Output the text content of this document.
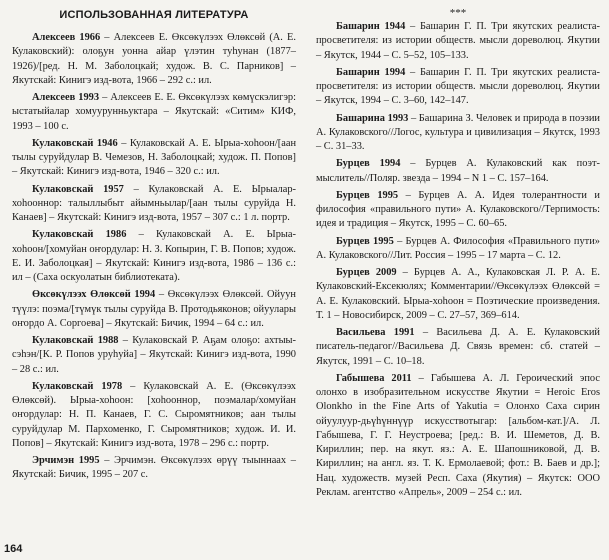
ИСПОЛЬЗОВАННАЯ ЛИТЕРАТУРА

Алексеев 1966 – Алексеев Е. Өксөкүлээх Өлөксөй (А. Е. Кулаковский): олоҕун уонна айар үлэтин туһунан (1877–1926)/[ред. Н. М. Заболоцкай; худож. В. С. Парников] – Якутскай: Кинигэ изд-вота, 1966 – 292 с.: ил.

Алексеев 1993 – Алексеев Е. Е. Өксөкүлээх көмүскэлигэр: ыстатыйалар хомуурунньуктара – Якутскай: «Ситим» КИФ, 1993 – 100 с.

Кулаковскай 1946 – Кулаковскай А. Е. Ырыа-хоһоон/[аан тылы суруйдулар В. Чемезов, Н. Заболоцкай; худож. П. Попов] – Якутскай: Кинигэ изд-вота, 1946 – 320 с.: ил.

Кулаковскай 1957 – Кулаковскай А. Е. Ырыалар-хоһооннор: талыллыбыт айымньылар/[аан тылы суруйда Н. Канаев] – Якутскай: Кинигэ изд-вота, 1957 – 307 с.: 1 л. портр.

Кулаковскай 1986 – Кулаковскай А. Е. Ырыа-хоһоон/[хомуйан оҥордулар: Н. З. Копырин, Г. В. Попов; худож. Е. И. Заболоцкая] – Якутскай: Кинигэ изд-вота, 1986 – 136 с.: ил – (Саха оскуолатын библиотеката).

Өксөкүлээх Өлөксөй 1994 – Өксөкүлээх Өлөксөй. Ойуун түүлэ: поэма/[түмүк тылы суруйда В. Протодьяконов; ойуулары оҥордо А. Соргоева] – Якутскай: Бичик, 1994 – 64 с.: ил.

Кулаковскай 1988 – Кулаковскай Р. Аҕам олоҕо: ахтыы-сэһэн/[К. Р. Попов уруһуйа] – Якутскай: Кинигэ изд-вота, 1990 – 28 с.: ил.

Кулаковскай 1978 – Кулаковскай А. Е. (Өксөкүлээх Өлөксөй). Ырыа-хоһоон: [хоһооннор, поэмалар/хомуйан оҥордулар: Н. П. Канаев, Г. С. Сыромятников; аан тылы суруйдулар М. Пархоменко, Г. Сыромятников; худож. И. И. Попов] – Якутскай: Кинигэ изд-вота, 1978 – 296 с.: портр.

Эрчимэн 1995 – Эрчимэн. Өксөкүлээх өрүү тыыннаах – Якутскай: Бичик, 1995 – 207 с.

***

Башарин 1944 – Башарин Г. П. Три якутских реалиста-просветителя: из истории обществ. мысли дореволюц. Якутии – Якутск, 1944 – С. 5–52, 105–133.

Башарин 1994 – Башарин Г. П. Три якутских реалиста-просветителя: из истории обществ. мысли дореволюц. Якутии – Якутск, 1994 – С. 3–60, 142–147.

Башарина 1993 – Башарина З. Человек и природа в поэзии А. Кулаковского//Логос, культура и цивилизация – Якутск, 1993 – С. 31–33.

Бурцев 1994 – Бурцев А. Кулаковский как поэт-мыслитель//Поляр. звезда – 1994 – N 1 – С. 157–164.

Бурцев 1995 – Бурцев А. А. Идея толерантности и философия «правильного пути» А. Кулаковского//Терпимость: идея и традиция – Якутск, 1995 – С. 60–65.

Бурцев 1995 – Бурцев А. Философия «Правильного пути» А. Кулаковского//Лит. Россия – 1995 – 17 марта – С. 12.

Бурцев 2009 – Бурцев А. А., Кулаковская Л. Р. А. Е. Кулаковский-Ексекюлях; Комментарии//Өксөкүлээх Өлөксөй = А. Е. Кулаковский. Ырыа-хоһоон = Поэтические произведения. Т. 1 – Новосибирск, 2009 – С. 27–57, 369–614.

Васильева 1991 – Васильева Д. А. Е. Кулаковский писатель-педагог//Васильева Д. Связь времен: сб. статей – Якутск, 1991 – С. 10–18.

Габышева 2011 – Габышева А. Л. Героический эпос олонхо в изобразительном искусстве Якутии = Heroic Eros Olonkho in the Fine Arts of Yakutia = Олонхо Саха сирин ойуулуур-дьүһүннүүр искусствотыгар: [альбом-кат.]/А. Л. Габышева, Г. Г. Неустроева; [ред.: В. И. Шеметов, Д. В. Кириллин; пер. на якут. яз.: А. Е. Шапошниковой, Д. В. Кириллин; на англ. яз. Т. К. Ермолаевой; фот.: В. Баев и др.]; Нац. художеств. музей Респ. Саха (Якутия) – Якутск: ООО Реклам. агентство «Апрель», 2009 – 254 с.: ил.

164
